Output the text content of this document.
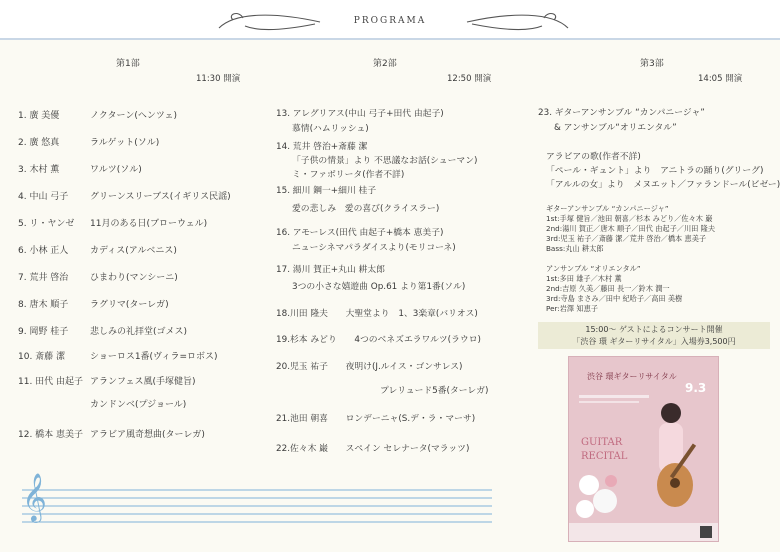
PROGRAMA
第1部
11:30 開演
1. 廣 美優	ノクターン(ヘンツェ)
2. 廣 悠真	ラルゲット(ソル)
3. 木村 薫	ワルツ(ソル)
4. 中山 弓子 グリーンスリーブス(イギリス民謡)
5. リ・ヤンゼ 11月のある日(ブローウェル)
6. 小林 正人 カディス(アルベニス)
7. 荒井 啓治 ひまわり(マンシーニ)
8. 唐木 順子 ラグリマ(ターレガ)
9. 岡野 桂子 悲しみの礼拝堂(ゴメス)
10. 斎藤 潔	ショーロス1番(ヴィラ=ロボス)
11. 田代 由起子 アランフェス風(手塚健旨)
カンドンベ(プジョール)
12. 橋本 恵美子 アラビア風奇想曲(ターレガ)
第2部
12:50 開演
13. アレグリアス(中山 弓子+田代 由起子)
慕情(ハムリッシュ)
14. 荒井 啓治+斎藤 潔
「子供の情景」より 不思議なお話(シューマン)
ミ・ファボリータ(作者不詳)
15. 細川 鋼一+細川 桂子
愛の悲しみ　愛の喜び(クライスラー)
16. アモーレス(田代 由起子+橋本 恵美子)
ニューシネマパラダイスより(モリコーネ)
17. 湯川 賀正+丸山 耕太郎
3つの小さな嬉遊曲 Op.61 より第1番(ソル)
18.川田 隆夫　　大聖堂より　1、3楽章(バリオス)
19.杉本 みどり　　4つのベネズエラワルツ(ラウロ)
20.児玉 祐子　　夜明け(J.ルイス・ゴンサレス)
プレリュード5番(ターレガ)
21.池田 朝喜　　ロンデーニャ(S.デ・ラ・マーサ)
22.佐々木 巌　　スペイン セレナータ(マラッツ)
第3部
14:05 開演
23. ギターアンサンブル “カンパニージャ”
& アンサンブル“オリエンタル”
アラビアの歌(作者不詳)
「ペール・ギュント」より　アニトラの踊り(グリーグ)
「アルルの女」より　メヌエット／ファランドール(ビゼー)
ギターアンサンブル “カンパニージャ”
1st:手塚 健旨／池田 朝喜／杉本 みどり／佐々木 巌
2nd:湯川 賀正／唐木 順子／田代 由起子／川田 隆夫
3rd:児玉 祐子／斎藤 潔／荒井 啓治／橋本 恵美子
Bass:丸山 耕太郎
アンサンブル “オリエンタル”
1st:多田 雄子／木村 薫
2nd:吉原 久美／藤田 長一／鈴木 潤一
3rd:寺島 まさみ／田中 紀哈子／高田 美樹
Per:岩澤 知恵子
15:00～ ゲストによるコンサート開催
「渋谷 環 ギターリサイタル」入場券3,500円
渋谷 環ギターリサイタル
9.3
GUITAR
RECITAL
𝄞
